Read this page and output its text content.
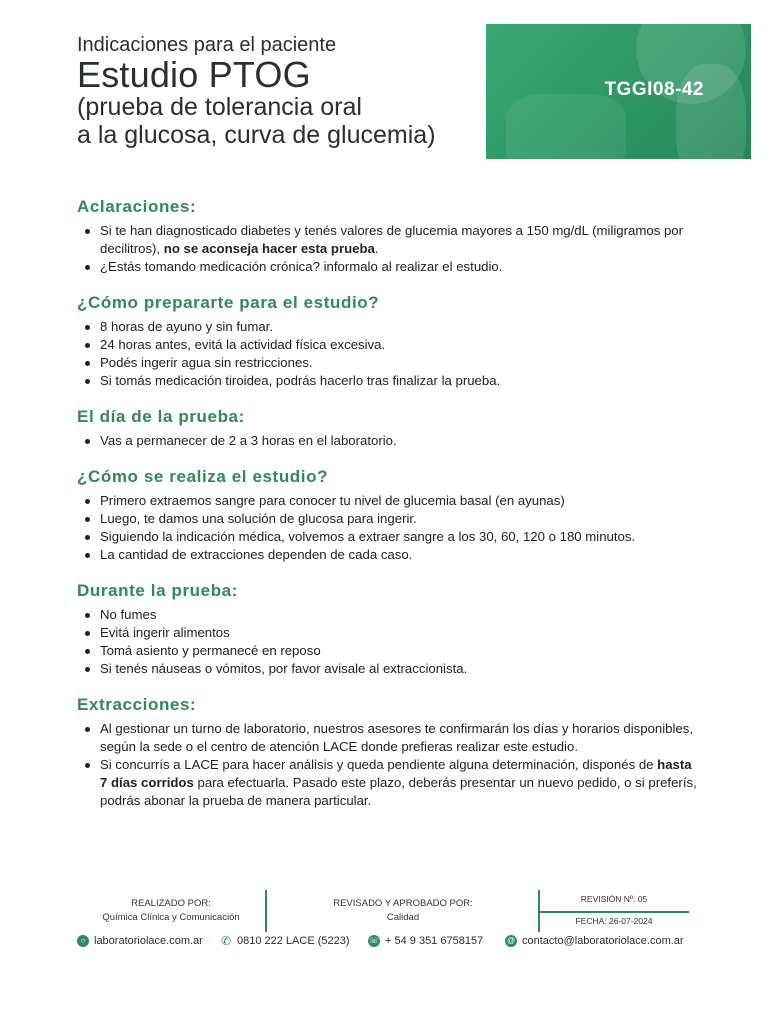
Indicaciones para el paciente
Estudio PTOG
(prueba de tolerancia oral
a la glucosa, curva de glucemia)
TGGI08-42
Aclaraciones:
Si te han diagnosticado diabetes y tenés valores de glucemia mayores a 150 mg/dL (miligramos por decilitros), no se aconseja hacer esta prueba.
¿Estás tomando medicación crónica? informalo al realizar el estudio.
¿Cómo prepararte para el estudio?
8 horas de ayuno y sin fumar.
24 horas antes, evitá la actividad física excesiva.
Podés ingerir agua sin restricciones.
Si tomás medicación tiroidea, podrás hacerlo tras finalizar la prueba.
El día de la prueba:
Vas a permanecer de 2 a 3 horas en el laboratorio.
¿Cómo se realiza el estudio?
Primero extraemos sangre para conocer tu nivel de glucemia basal (en ayunas)
Luego, te damos una solución de glucosa para ingerir.
Siguiendo la indicación médica, volvemos a extraer sangre a los 30, 60, 120 o 180 minutos.
La cantidad de extracciones dependen de cada caso.
Durante la prueba:
No fumes
Evitá ingerir alimentos
Tomá asiento y permanecé en reposo
Si tenés náuseas o vómitos, por favor avisale al extraccionista.
Extracciones:
Al gestionar un turno de laboratorio, nuestros asesores te confirmarán los días y horarios disponibles, según la sede o el centro de atención LACE donde prefieras realizar este estudio.
Si concurrís a LACE para hacer análisis y queda pendiente alguna determinación, disponés de hasta 7 días corridos para efectuarla. Pasado este plazo, deberás presentar un nuevo pedido, o si preferís, podrás abonar la prueba de manera particular.
REALIZADO POR:
Química Clínica y Comunicación
REVISADO Y APROBADO POR:
Calidad
REVISIÓN Nº: 05
FECHA: 26-07-2024
○ laboratoriolace.com.ar ✆ 0810 222 LACE (5223) ☏ + 54 9 351 6758157	@ contacto@laboratoriolace.com.ar
